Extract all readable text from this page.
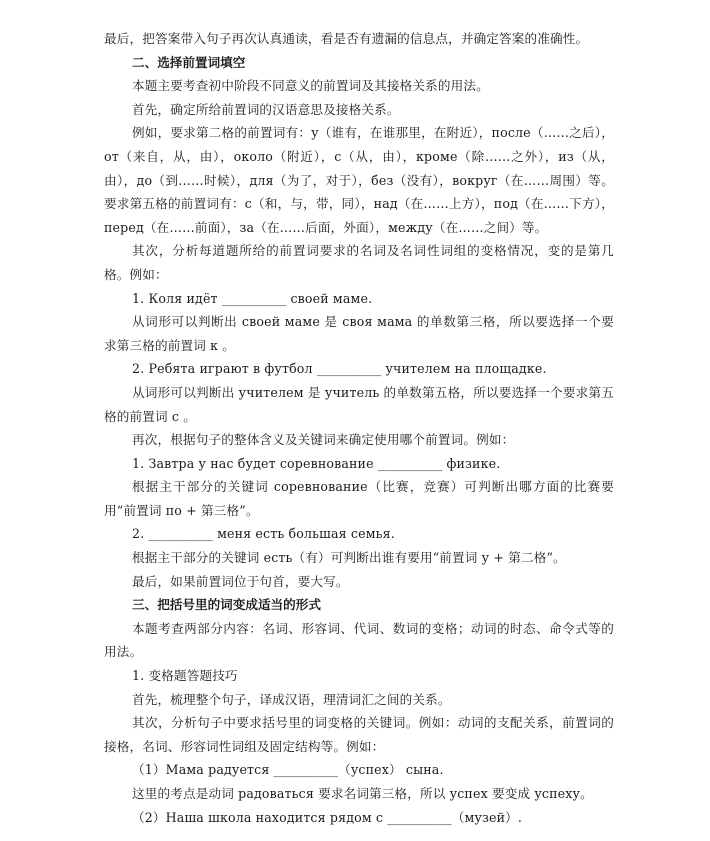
最后，把答案带入句子再次认真通读，看是否有遗漏的信息点，并确定答案的准确性。

二、选择前置词填空

本题主要考查初中阶段不同意义的前置词及其接格关系的用法。

首先，确定所给前置词的汉语意思及接格关系。

例如，要求第二格的前置词有：у（谁有，在谁那里，在附近），после（……之后），от（来自，从，由），около（附近），с（从，由），кроме（除……之外），из（从，由），до（到……时候），для（为了，对于），без（没有），вокруг（在……周围）等。要求第五格的前置词有：с（和，与，带，同），над（在……上方），под（在……下方），перед（在……前面），за（在……后面，外面），между（在……之间）等。

其次，分析每道题所给的前置词要求的名词及名词性词组的变格情况，变的是第几格。例如：

1. Коля идёт __________ своей маме.

从词形可以判断出 своей маме 是 своя мама 的单数第三格，所以要选择一个要求第三格的前置词 к 。

2. Ребята играют в футбол __________ учителем на площадке.

从词形可以判断出 учителем 是 учитель 的单数第五格，所以要选择一个要求第五格的前置词 с 。

再次，根据句子的整体含义及关键词来确定使用哪个前置词。例如：

1. Завтра у нас будет соревнование __________ физике.

根据主干部分的关键词 соревнование（比赛，竞赛）可判断出哪方面的比赛要用“前置词 по + 第三格”。

2. __________ меня есть большая семья.

根据主干部分的关键词 есть（有）可判断出谁有要用“前置词 у + 第二格”。

最后，如果前置词位于句首，要大写。

三、把括号里的词变成适当的形式

本题考查两部分内容：名词、形容词、代词、数词的变格；动词的时态、命令式等的用法。

1. 变格题答题技巧

首先，梳理整个句子，译成汉语，理清词汇之间的关系。

其次，分析句子中要求括号里的词变格的关键词。例如：动词的支配关系，前置词的接格，名词、形容词性词组及固定结构等。例如：

（1）Мама радуется __________（успех） сына.

这里的考点是动词 радоваться 要求名词第三格，所以 успех 要变成 успеху。

（2）Наша школа находится рядом с __________（музей）.
